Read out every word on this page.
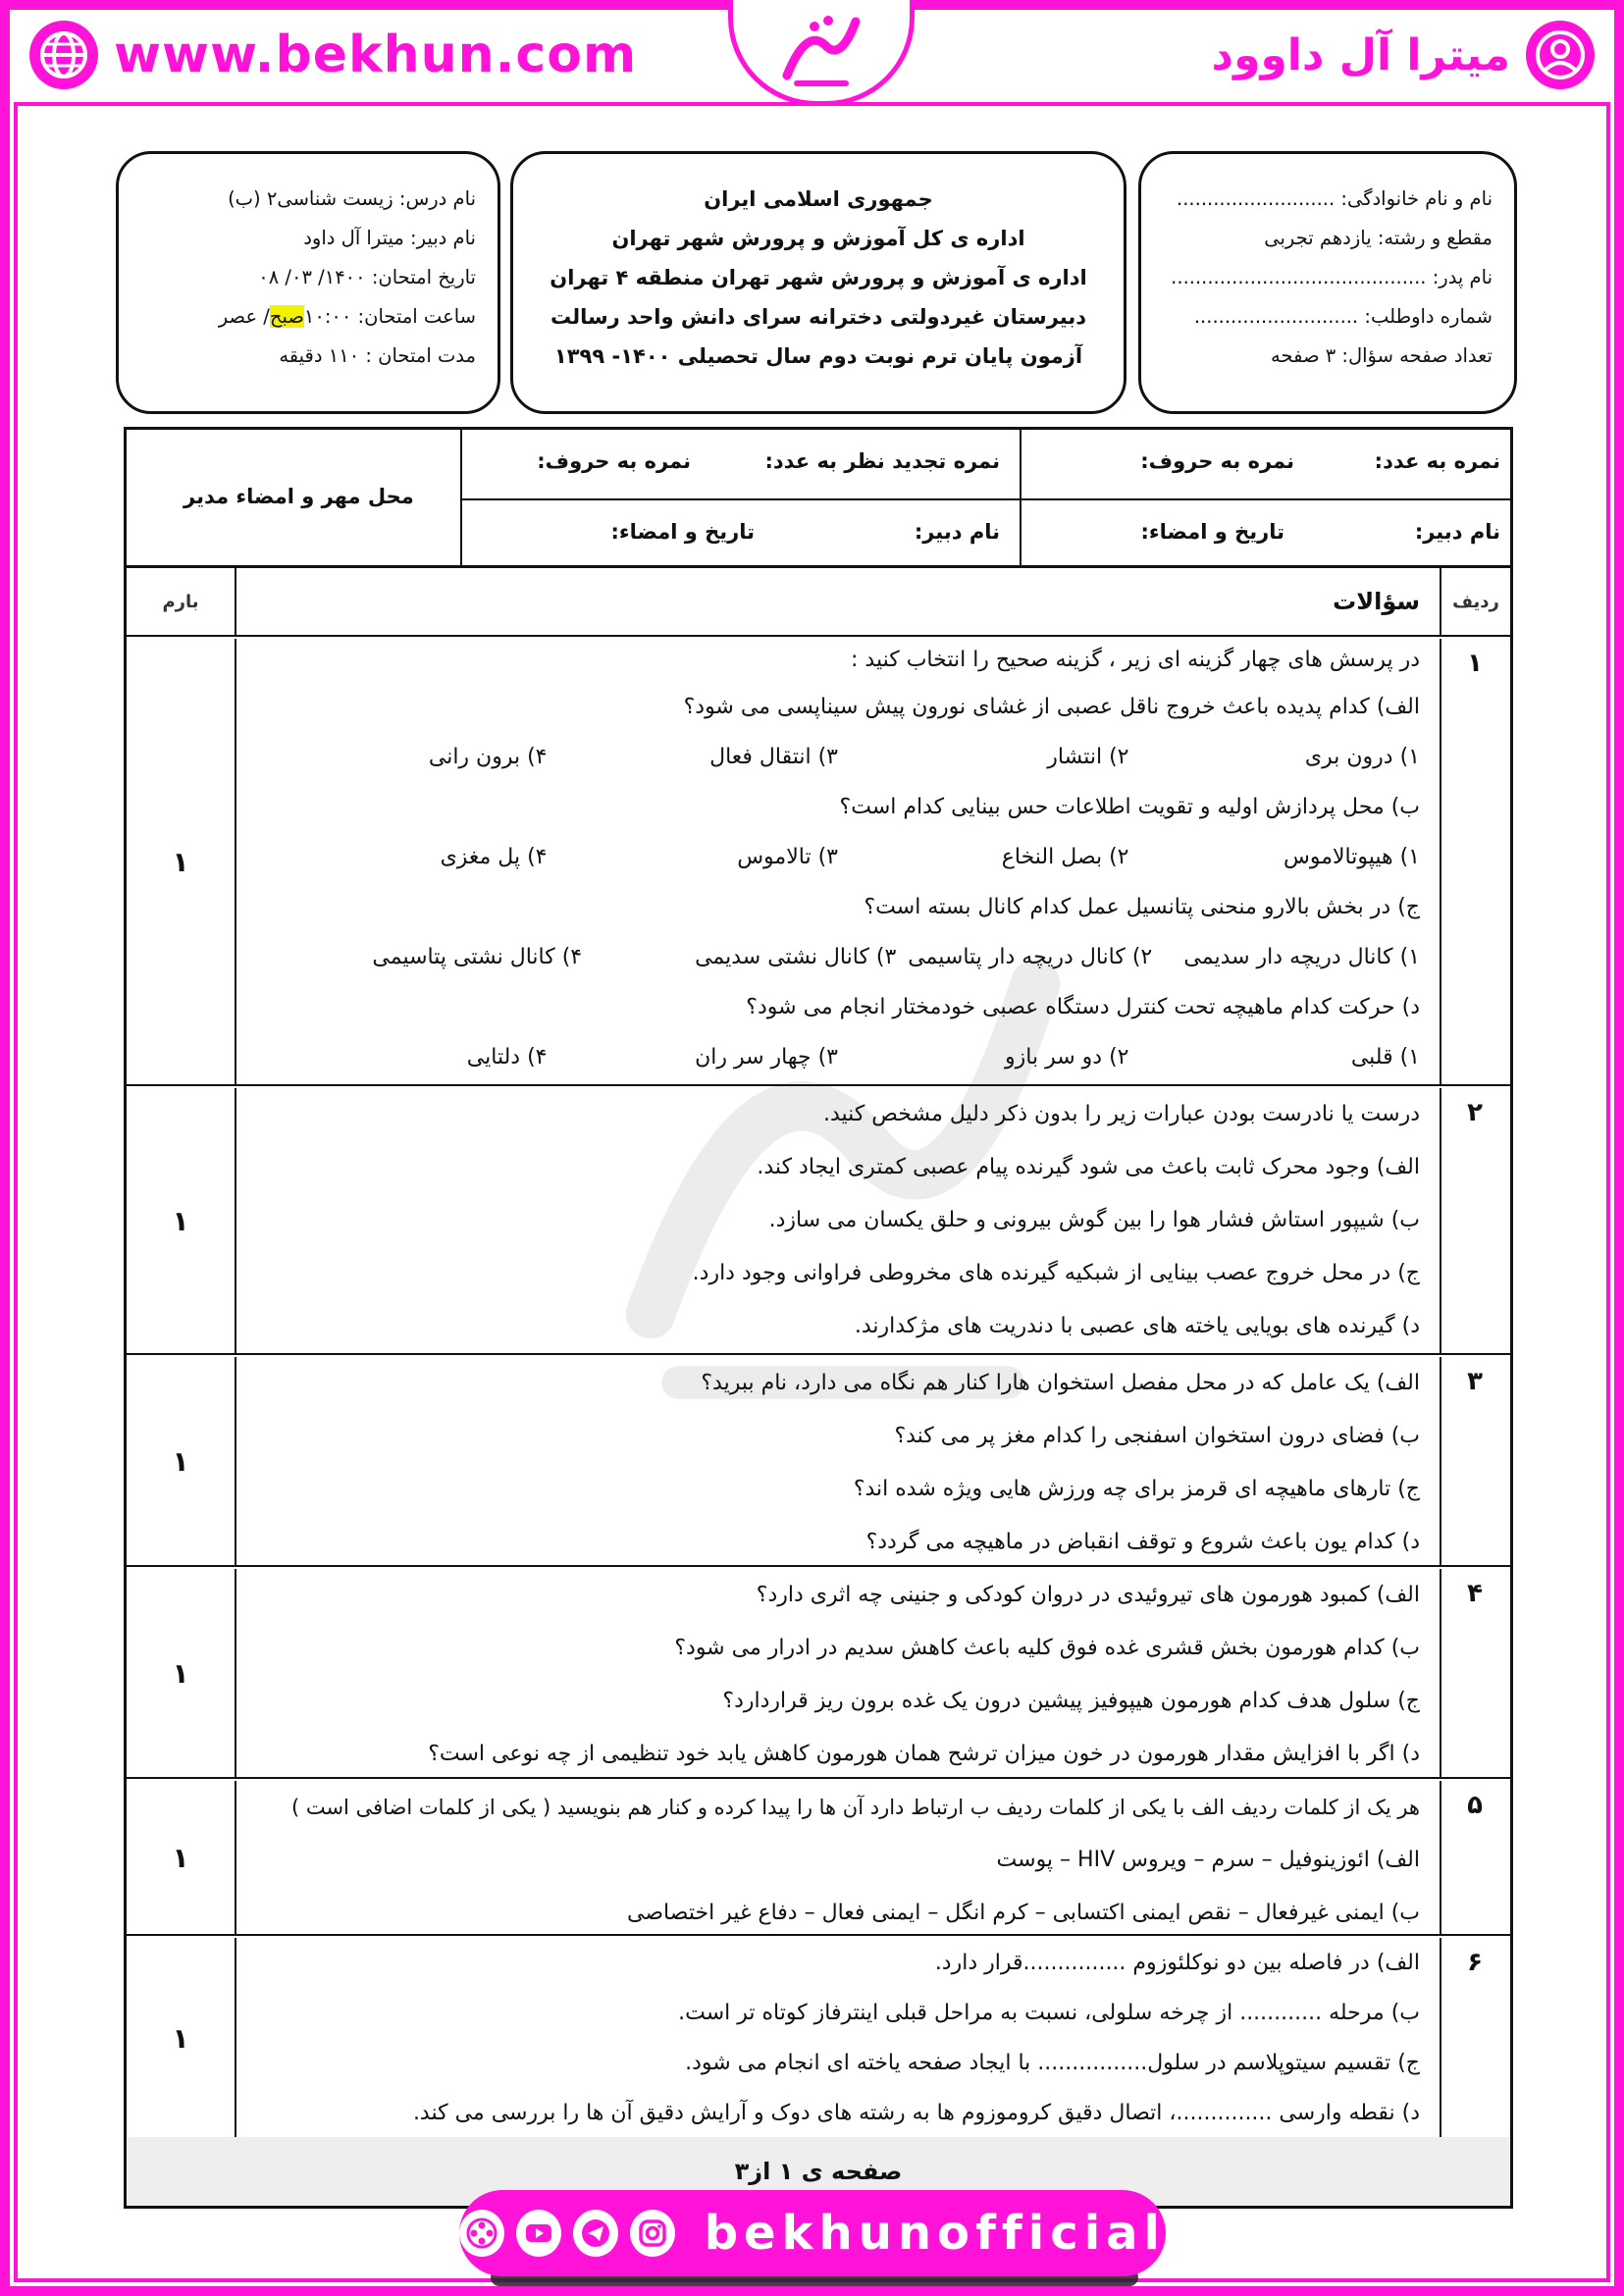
www.bekhun.com	میترا آل داوود
نام و نام خانوادگی: ..........................
مقطع و رشته: یازدهم تجربی
نام پدر: ..........................................
شماره داوطلب: ...........................
تعداد صفحه سؤال: ۳ صفحه
جمهوری اسلامی ایران
اداره ی کل آموزش و پرورش شهر تهران
اداره ی آموزش و پرورش شهر تهران منطقه ۴ تهران
دبیرستان غیردولتی دخترانه سرای دانش واحد رسالت
آزمون پایان ترم نوبت دوم سال تحصیلی ۱۴۰۰- ۱۳۹۹
نام درس: زیست شناسی۲ (ب)
نام دبیر: میترا آل داود
تاریخ امتحان: ۱۴۰۰/ ۰۳/ ۰۸
ساعت امتحان: ۱۰:۰۰صبح/ عصر
مدت امتحان : ۱۱۰ دقیقه
نمره به عدد:
نمره به حروف:
نام دبیر:
تاریخ و امضاء:
نمره تجدید نظر به عدد:
نمره به حروف:
نام دبیر:
تاریخ و امضاء:
محل مهر و امضاء مدیر
ردیف
سؤالات
بارم
۱
در پرسش های چهار گزینه ای زیر ، گزینه صحیح را انتخاب کنید :
الف) کدام پدیده باعث خروج ناقل عصبی از غشای نورون پیش سیناپسی می شود؟
۱) درون بری
۲) انتشار
۳) انتقال فعال
۴) برون رانی
ب) محل پردازش اولیه و تقویت اطلاعات حس بینایی کدام است؟
۱) هیپوتالاموس
۲) بصل النخاع
۳) تالاموس
۴) پل مغزی
ج) در بخش بالارو منحنی پتانسیل عمل کدام کانال بسته است؟
۱) کانال دریچه دار سدیمی
۲) کانال دریچه دار پتاسیمی
۳) کانال نشتی سدیمی
۴) کانال نشتی پتاسیمی
د) حرکت کدام ماهیچه تحت کنترل دستگاه عصبی خودمختار انجام می شود؟
۱) قلبی
۲) دو سر بازو
۳) چهار سر ران
۴) دلتایی
۱
۲
درست یا نادرست بودن عبارات زیر را بدون ذکر دلیل مشخص کنید.
الف) وجود محرک ثابت باعث می شود گیرنده پیام عصبی کمتری ایجاد کند.
ب) شیپور استاش فشار هوا را بین گوش بیرونی و حلق یکسان می سازد.
ج) در محل خروج عصب بینایی از شبکیه گیرنده های مخروطی فراوانی وجود دارد.
د) گیرنده های بویایی یاخته های عصبی با دندریت های مژکدارند.
۱
۳
الف) یک عامل که در محل مفصل استخوان هارا کنار هم نگاه می دارد، نام ببرید؟
ب) فضای درون استخوان اسفنجی را کدام مغز پر می کند؟
ج) تارهای ماهیچه ای قرمز برای چه ورزش هایی ویژه شده اند؟
د) کدام یون باعث شروع و توقف انقباض در ماهیچه می گردد؟
۱
۴
الف) کمبود هورمون های تیروئیدی در دروان کودکی و جنینی چه اثری دارد؟
ب) کدام هورمون بخش قشری غده فوق کلیه باعث کاهش سدیم در ادرار می شود؟
ج) سلول هدف کدام هورمون هیپوفیز پیشین درون یک غده برون ریز قراردارد؟
د) اگر با افزایش مقدار هورمون در خون میزان ترشح همان هورمون کاهش یابد خود تنظیمی از چه نوعی است؟
۱
۵
هر یک از کلمات ردیف الف با یکی از کلمات ردیف ب ارتباط دارد آن ها را پیدا کرده و کنار هم بنویسید ( یکی از کلمات اضافی است )
الف) ائوزینوفیل – سرم – ویروس HIV – پوست
ب) ایمنی غیرفعال – نقص ایمنی اکتسابی – کرم انگل – ایمنی فعال – دفاع غیر اختصاصی
۱
۶
الف) در فاصله بین دو نوکلئوزوم ...............قرار دارد.
ب) مرحله ............ از چرخه سلولی، نسبت به مراحل قبلی اینترفاز کوتاه تر است.
ج) تقسیم سیتوپلاسم در سلول................ با ایجاد صفحه یاخته ای انجام می شود.
د) نقطه وارسی ..............، اتصال دقیق کروموزوم ها به رشته های دوک و آرایش دقیق آن ها را بررسی می کند.
۱
صفحه ی ۱ از۳
bekhunofficial
